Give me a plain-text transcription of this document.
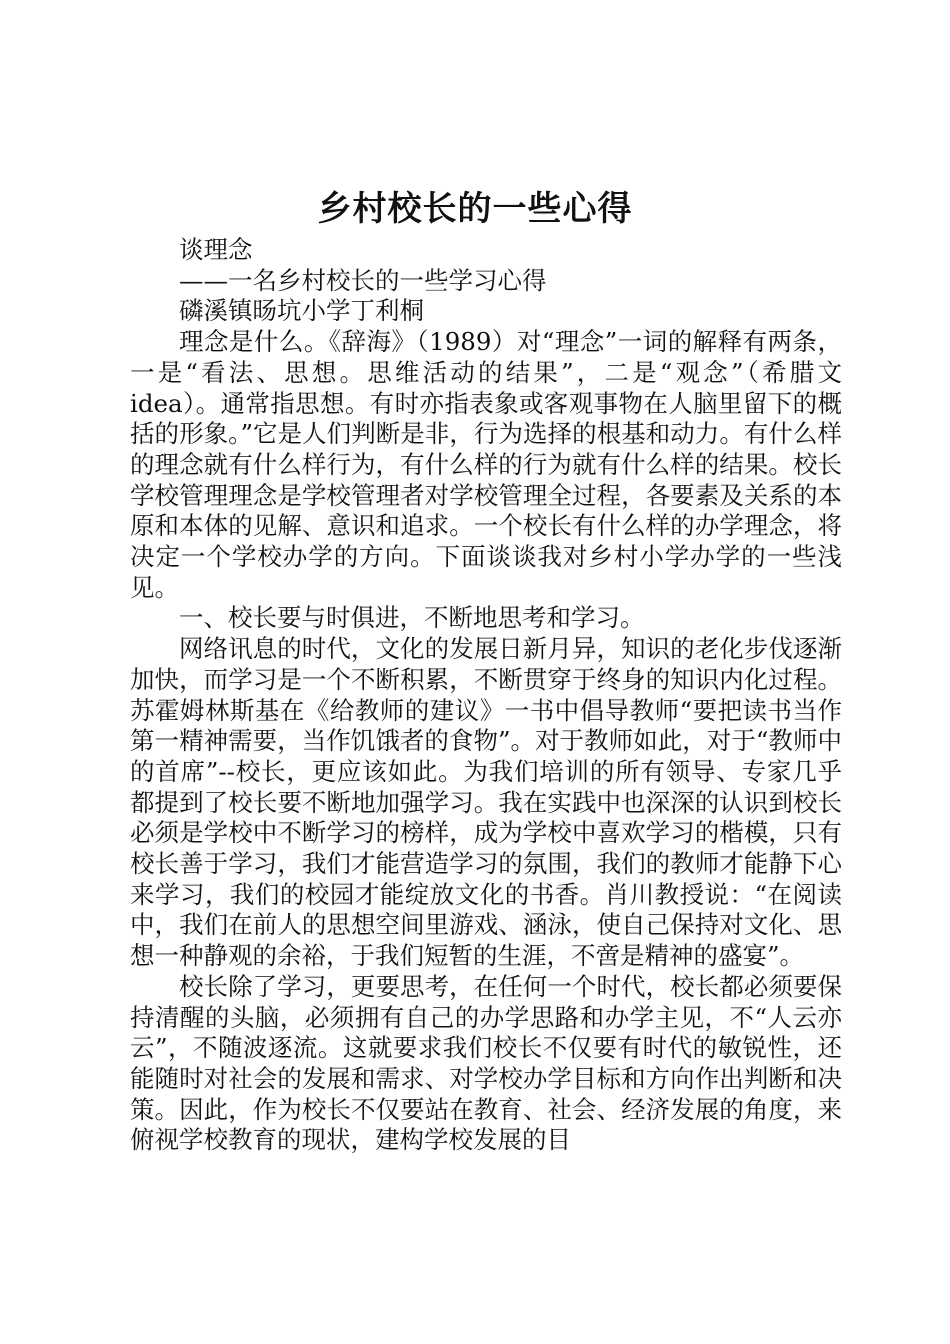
乡村校长的一些心得

谈理念

——一名乡村校长的一些学习心得

磷溪镇旸坑小学丁利桐

理念是什么。《辞海》（1989）对“理念”一词的解释有两条，一是“看法、思想。思维活动的结果”，二是“观念”（希腊文idea）。通常指思想。有时亦指表象或客观事物在人脑里留下的概括的形象。”它是人们判断是非，行为选择的根基和动力。有什么样的理念就有什么样行为，有什么样的行为就有什么样的结果。校长学校管理理念是学校管理者对学校管理全过程，各要素及关系的本原和本体的见解、意识和追求。一个校长有什么样的办学理念，将决定一个学校办学的方向。下面谈谈我对乡村小学办学的一些浅见。

一、校长要与时俱进，不断地思考和学习。

网络讯息的时代，文化的发展日新月异，知识的老化步伐逐渐加快，而学习是一个不断积累，不断贯穿于终身的知识内化过程。苏霍姆林斯基在《给教师的建议》一书中倡导教师“要把读书当作第一精神需要，当作饥饿者的食物”。对于教师如此，对于“教师中的首席”--校长，更应该如此。为我们培训的所有领导、专家几乎都提到了校长要不断地加强学习。我在实践中也深深的认识到校长必须是学校中不断学习的榜样，成为学校中喜欢学习的楷模，只有校长善于学习，我们才能营造学习的氛围，我们的教师才能静下心来学习，我们的校园才能绽放文化的书香。肖川教授说：“在阅读中，我们在前人的思想空间里游戏、涵泳，使自己保持对文化、思想一种静观的余裕，于我们短暂的生涯，不啻是精神的盛宴”。

校长除了学习，更要思考，在任何一个时代，校长都必须要保持清醒的头脑，必须拥有自己的办学思路和办学主见，不“人云亦云”，不随波逐流。这就要求我们校长不仅要有时代的敏锐性，还能随时对社会的发展和需求、对学校办学目标和方向作出判断和决策。因此，作为校长不仅要站在教育、社会、经济发展的角度，来俯视学校教育的现状，建构学校发展的目
